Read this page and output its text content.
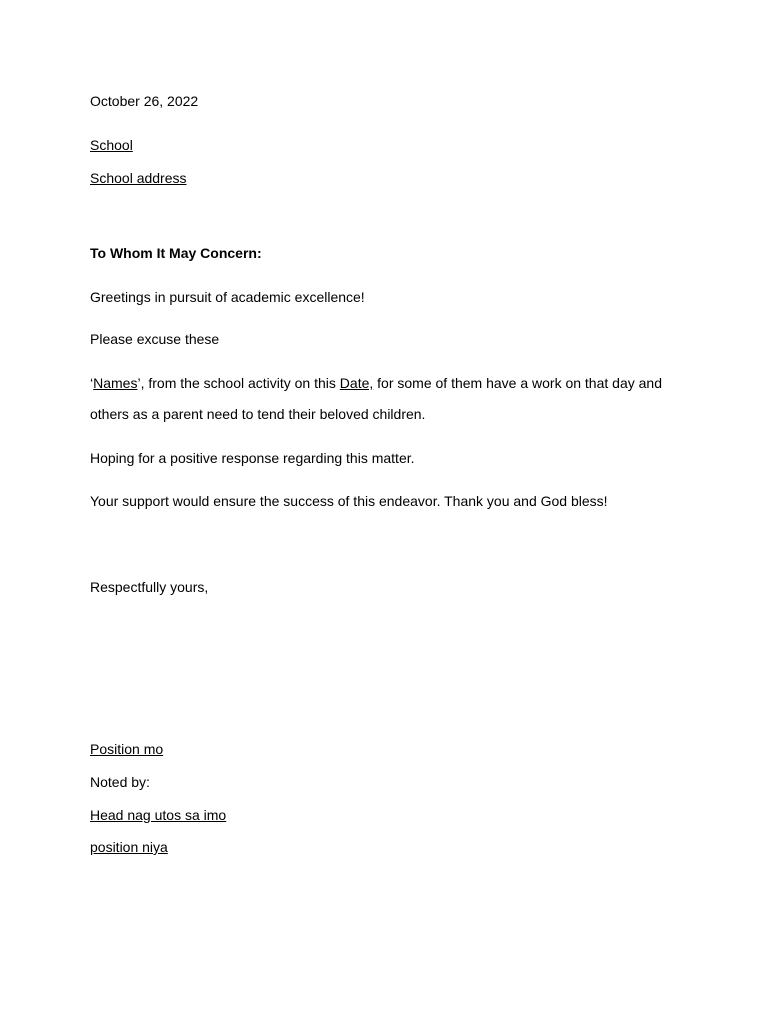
October 26, 2022
School
School address
To Whom It May Concern:
Greetings in pursuit of academic excellence!
Please excuse these
‘Names’, from the school activity on this Date, for some of them have a work on that day and
others as a parent need to tend their beloved children.
Hoping for a positive response regarding this matter.
Your support would ensure the success of this endeavor. Thank you and God bless!
Respectfully yours,
Position mo
Noted by:
Head nag utos sa imo
position niya
